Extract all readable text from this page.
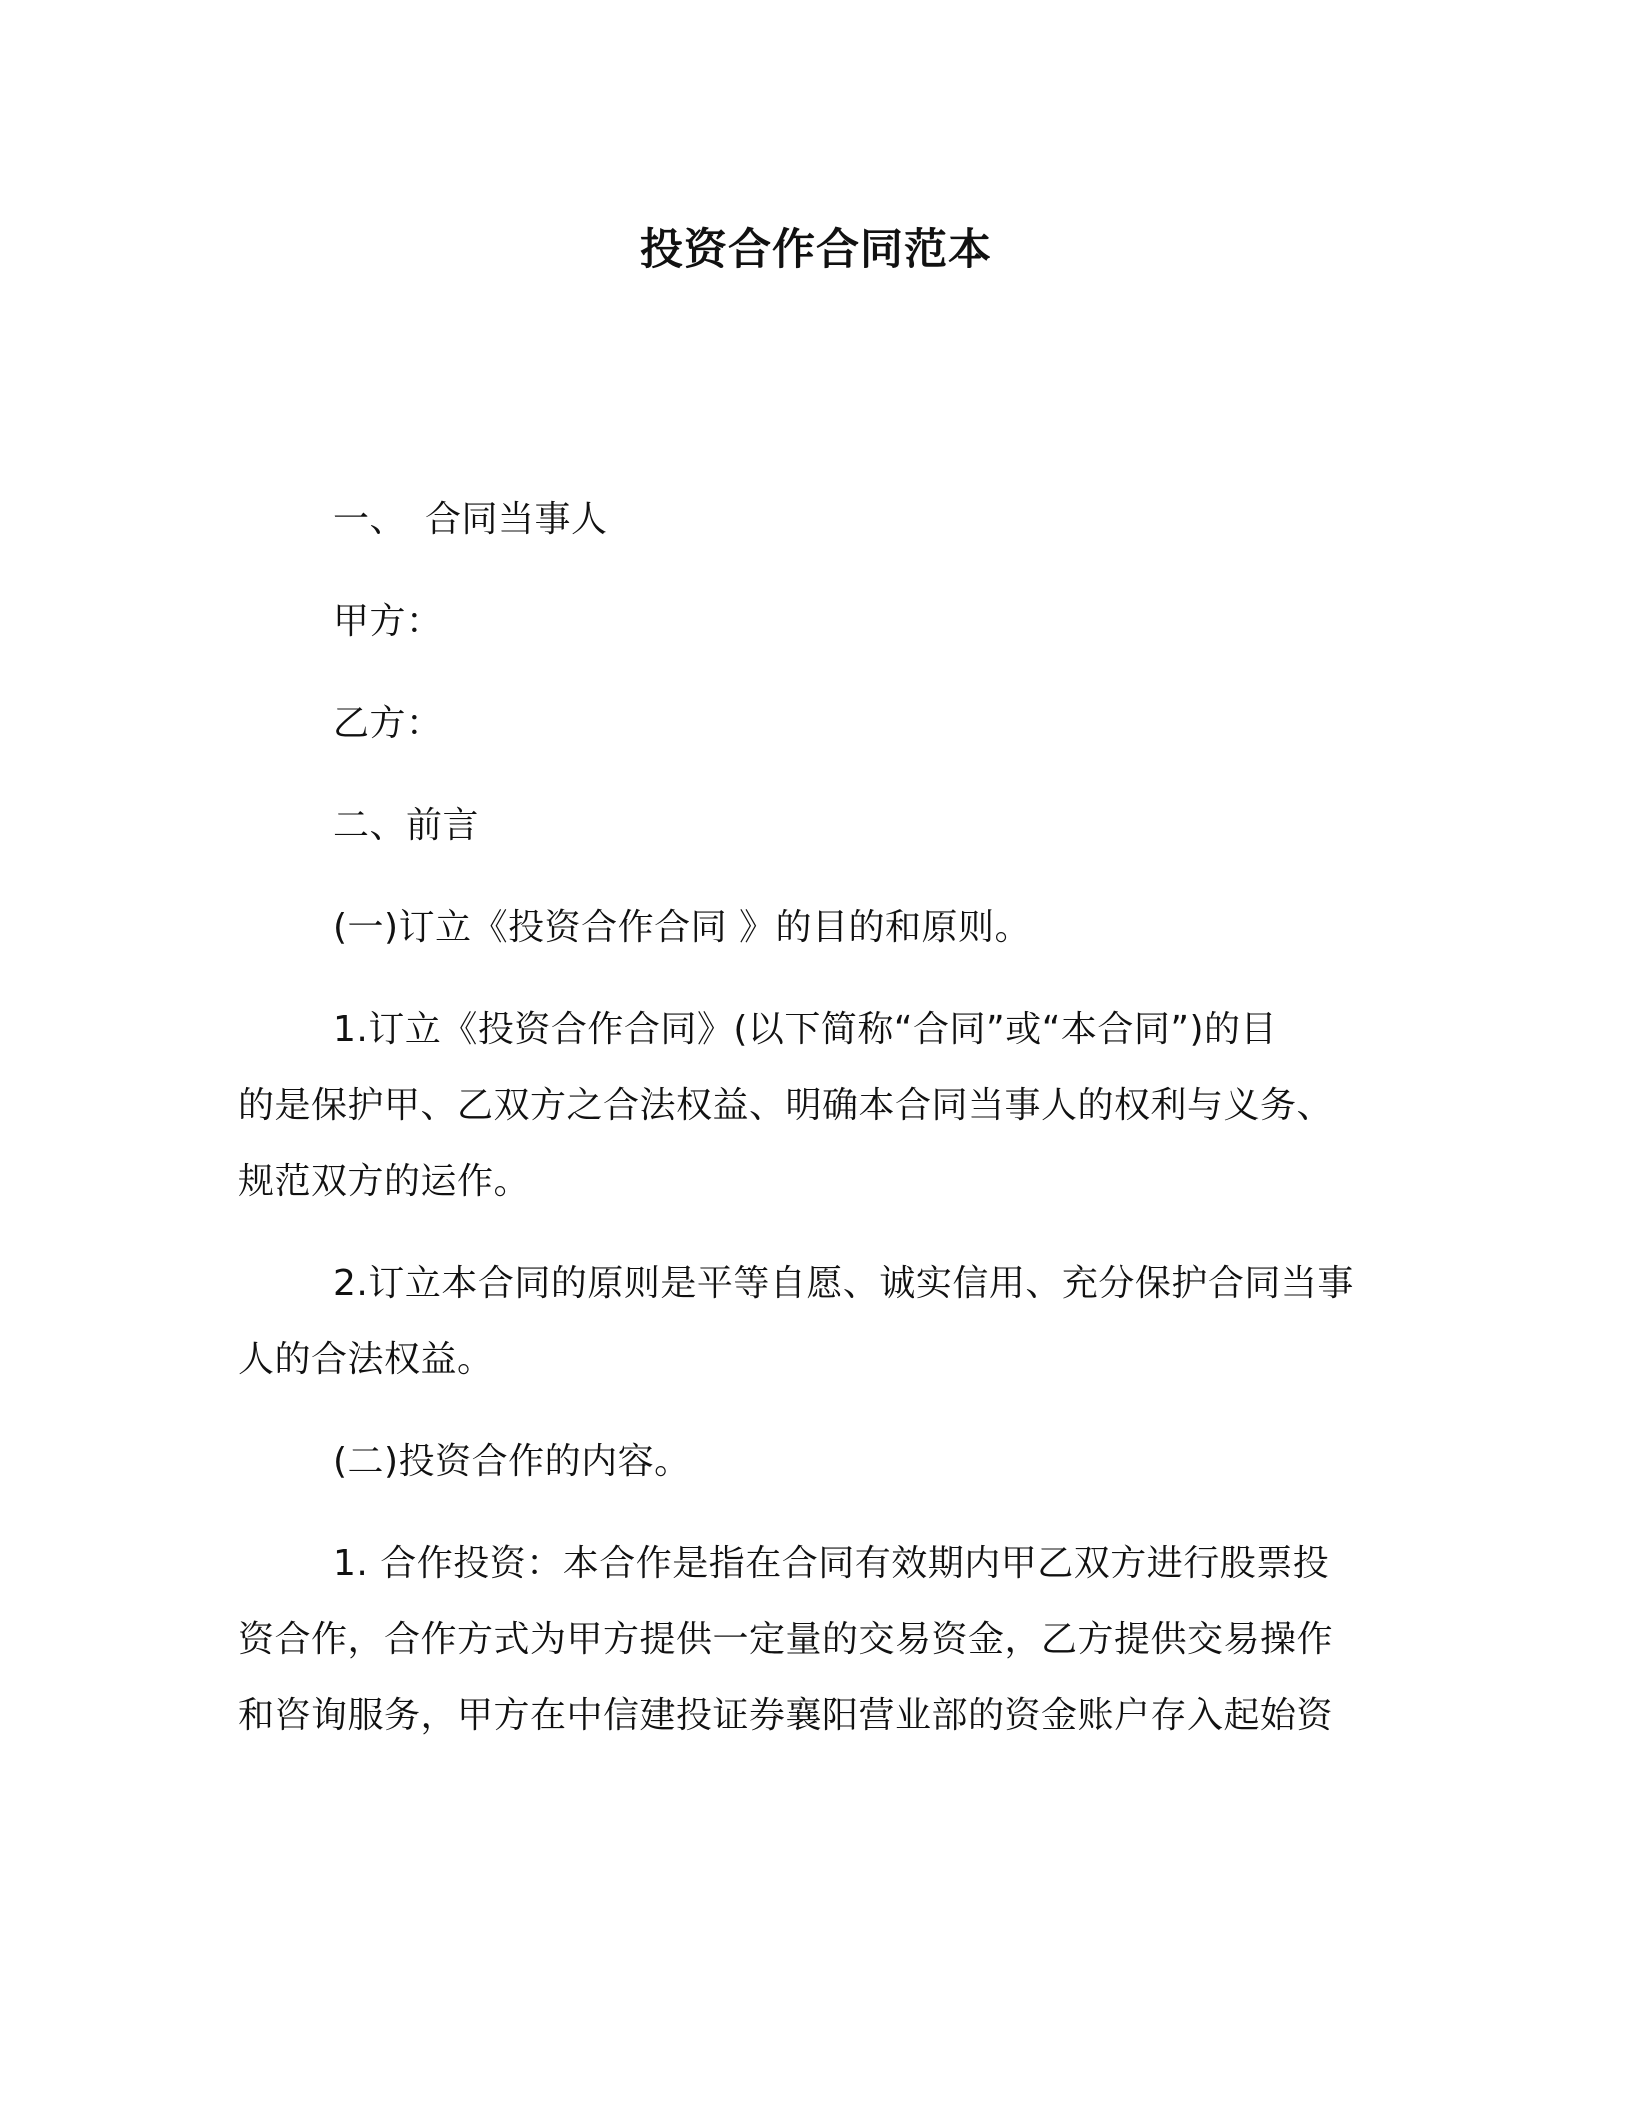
投资合作合同范本
一、 合同当事人
甲方：
乙方：
二、前言
(一)订立《投资合作合同 》的目的和原则。
1.订立《投资合作合同》(以下简称“合同”或“本合同”)的目
的是保护甲、乙双方之合法权益、明确本合同当事人的权利与义务、
规范双方的运作。
2.订立本合同的原则是平等自愿、诚实信用、充分保护合同当事
人的合法权益。
(二)投资合作的内容。
1. 合作投资：本合作是指在合同有效期内甲乙双方进行股票投
资合作，合作方式为甲方提供一定量的交易资金，乙方提供交易操作
和咨询服务，甲方在中信建投证券襄阳营业部的资金账户存入起始资
